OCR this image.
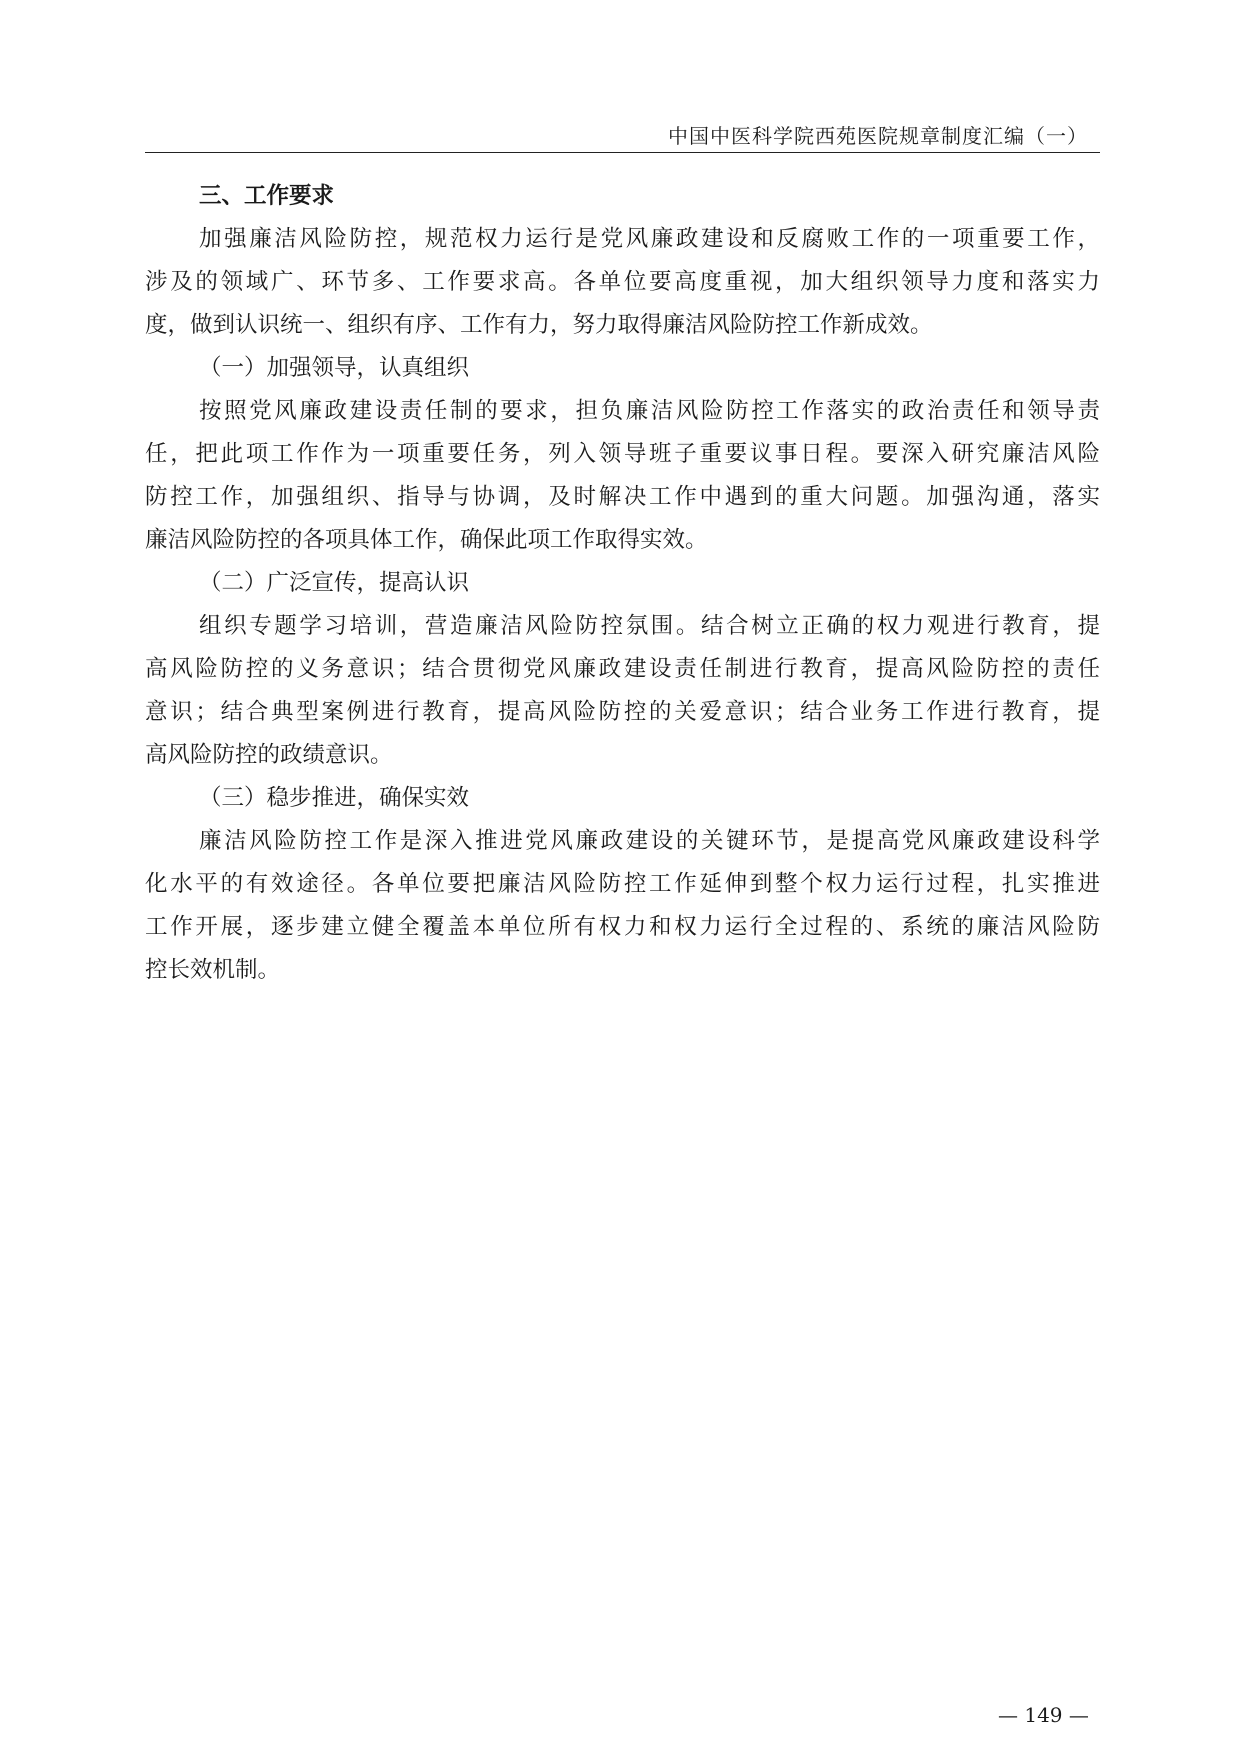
中国中医科学院西苑医院规章制度汇编（一）
三、工作要求
加强廉洁风险防控，规范权力运行是党风廉政建设和反腐败工作的一项重要工作，
涉及的领域广、环节多、工作要求高。各单位要高度重视，加大组织领导力度和落实力
度，做到认识统一、组织有序、工作有力，努力取得廉洁风险防控工作新成效。
（一）加强领导，认真组织
按照党风廉政建设责任制的要求，担负廉洁风险防控工作落实的政治责任和领导责
任，把此项工作作为一项重要任务，列入领导班子重要议事日程。要深入研究廉洁风险
防控工作，加强组织、指导与协调，及时解决工作中遇到的重大问题。加强沟通，落实
廉洁风险防控的各项具体工作，确保此项工作取得实效。
（二）广泛宣传，提高认识
组织专题学习培训，营造廉洁风险防控氛围。结合树立正确的权力观进行教育，提
高风险防控的义务意识；结合贯彻党风廉政建设责任制进行教育，提高风险防控的责任
意识；结合典型案例进行教育，提高风险防控的关爱意识；结合业务工作进行教育，提
高风险防控的政绩意识。
（三）稳步推进，确保实效
廉洁风险防控工作是深入推进党风廉政建设的关键环节，是提高党风廉政建设科学
化水平的有效途径。各单位要把廉洁风险防控工作延伸到整个权力运行过程，扎实推进
工作开展，逐步建立健全覆盖本单位所有权力和权力运行全过程的、系统的廉洁风险防
控长效机制。
— 149 —
